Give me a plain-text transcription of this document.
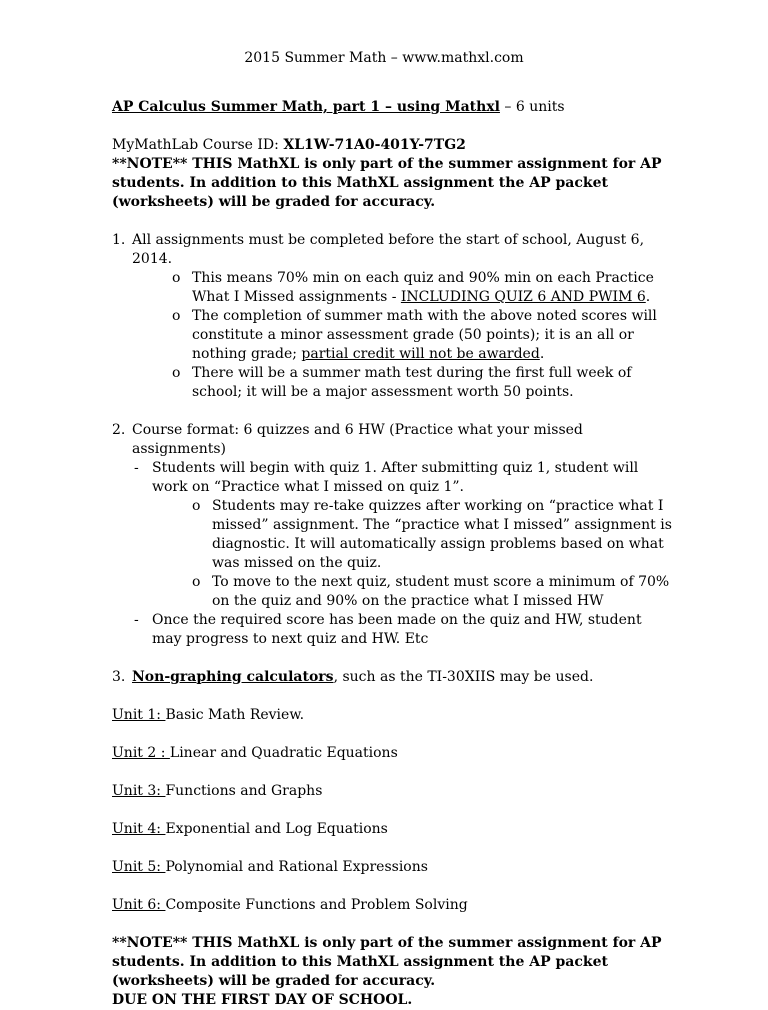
2015 Summer Math – www.mathxl.com

AP Calculus Summer Math, part 1 – using Mathxl – 6 units

MyMathLab Course ID: XL1W-71A0-401Y-7TG2

**NOTE** THIS MathXL is only part of the summer assignment for AP students. In addition to this MathXL assignment the AP packet (worksheets) will be graded for accuracy.

1. All assignments must be completed before the start of school, August 6, 2014.
o This means 70% min on each quiz and 90% min on each Practice What I Missed assignments - INCLUDING QUIZ 6 AND PWIM 6.
o The completion of summer math with the above noted scores will constitute a minor assessment grade (50 points); it is an all or nothing grade; partial credit will not be awarded.
o There will be a summer math test during the first full week of school; it will be a major assessment worth 50 points.
2. Course format: 6 quizzes and 6 HW (Practice what your missed assignments)
- Students will begin with quiz 1. After submitting quiz 1, student will work on “Practice what I missed on quiz 1”.
o Students may re-take quizzes after working on “practice what I missed” assignment. The “practice what I missed” assignment is diagnostic. It will automatically assign problems based on what was missed on the quiz.
o To move to the next quiz, student must score a minimum of 70% on the quiz and 90% on the practice what I missed HW
- Once the required score has been made on the quiz and HW, student may progress to next quiz and HW. Etc
3. Non-graphing calculators, such as the TI-30XIIS may be used.

Unit 1: Basic Math Review.

Unit 2 : Linear and Quadratic Equations

Unit 3: Functions and Graphs

Unit 4: Exponential and Log Equations

Unit 5: Polynomial and Rational Expressions

Unit 6: Composite Functions and Problem Solving

**NOTE** THIS MathXL is only part of the summer assignment for AP students. In addition to this MathXL assignment the AP packet (worksheets) will be graded for accuracy.

DUE ON THE FIRST DAY OF SCHOOL.
